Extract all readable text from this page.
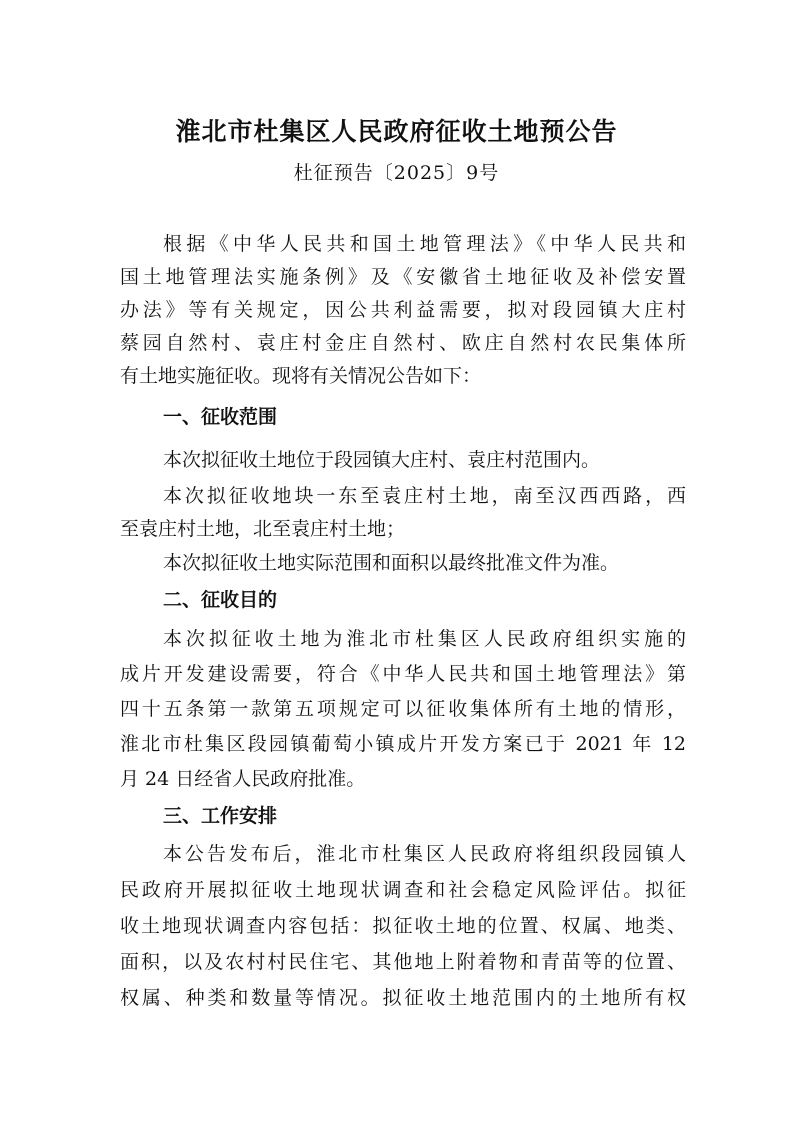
淮北市杜集区人民政府征收土地预公告
杜征预告〔2025〕9号
根据《中华人民共和国土地管理法》《中华人民共和
国土地管理法实施条例》及《安徽省土地征收及补偿安置
办法》等有关规定，因公共利益需要，拟对段园镇大庄村
蔡园自然村、袁庄村金庄自然村、欧庄自然村农民集体所
有土地实施征收。现将有关情况公告如下：
一、征收范围
本次拟征收土地位于段园镇大庄村、袁庄村范围内。
本次拟征收地块一东至袁庄村土地，南至汉西西路，西
至袁庄村土地，北至袁庄村土地；
本次拟征收土地实际范围和面积以最终批准文件为准。
二、征收目的
本次拟征收土地为淮北市杜集区人民政府组织实施的
成片开发建设需要，符合《中华人民共和国土地管理法》第
四十五条第一款第五项规定可以征收集体所有土地的情形，
淮北市杜集区段园镇葡萄小镇成片开发方案已于 2021 年 12
月 24 日经省人民政府批准。
三、工作安排
本公告发布后，淮北市杜集区人民政府将组织段园镇人
民政府开展拟征收土地现状调查和社会稳定风险评估。拟征
收土地现状调查内容包括：拟征收土地的位置、权属、地类、
面积，以及农村村民住宅、其他地上附着物和青苗等的位置、
权属、种类和数量等情况。拟征收土地范围内的土地所有权
